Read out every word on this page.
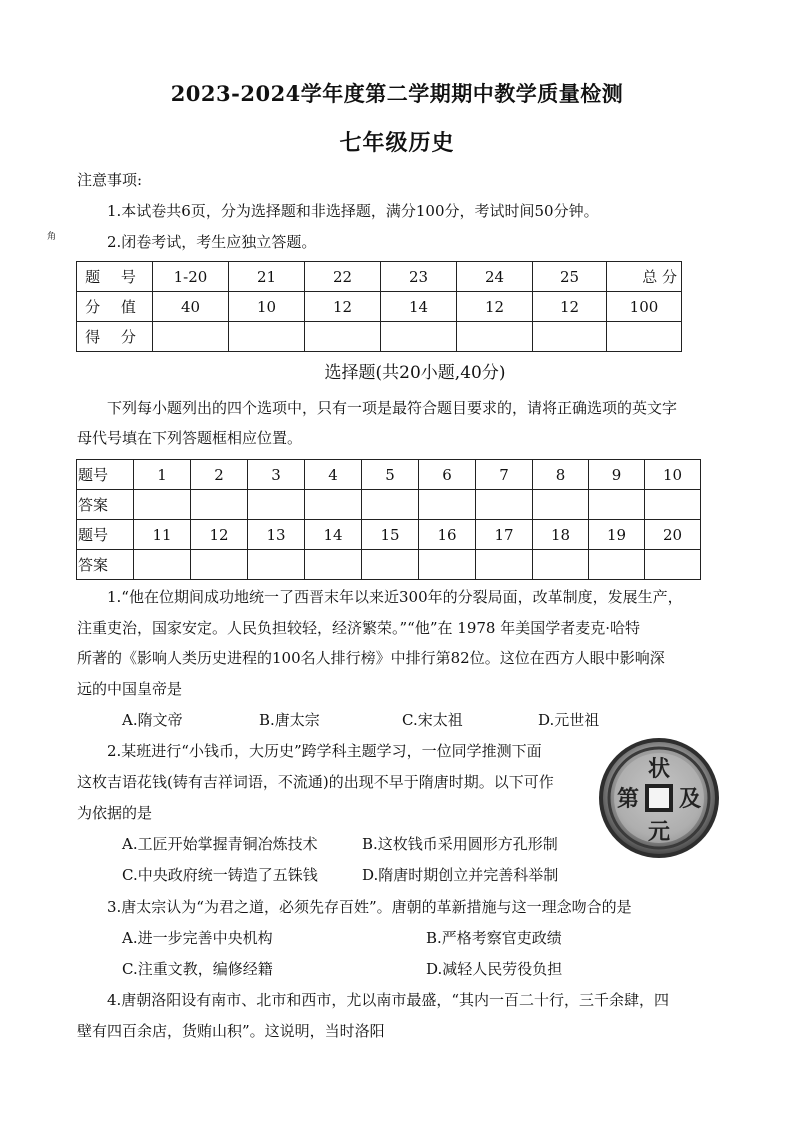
2023-2024学年度第二学期期中教学质量检测
七年级历史
注意事项:
1.本试卷共6页，分为选择题和非选择题，满分100分，考试时间50分钟。
角	2.闭卷考试，考生应独立答题。
题 号	1-20	21	22	23	24	25	总 分
分 值	40	10	12	14	12	12	100
得 分							
选择题(共20小题,40分)
下列每小题列出的四个选项中，只有一项是最符合题目要求的，请将正确选项的英文字
母代号填在下列答题框相应位置。
题号	1	2	3	4	5	6	7	8	9	10
答案										
题号	11	12	13	14	15	16	17	18	19	20
答案										
1.“他在位期间成功地统一了西晋末年以来近300年的分裂局面，改革制度，发展生产，
注重吏治，国家安定。人民负担较轻，经济繁荣。”“他”在 1978 年美国学者麦克·哈特
所著的《影响人类历史进程的100名人排行榜》中排行第82位。这位在西方人眼中影响深
远的中国皇帝是
A.隋文帝	B.唐太宗	C.宋太祖	D.元世祖
2.某班进行“小钱币，大历史”跨学科主题学习，一位同学推测下面
这枚吉语花钱(铸有吉祥词语，不流通)的出现不早于隋唐时期。以下可作
为依据的是
A.工匠开始掌握青铜冶炼技术	B.这枚钱币采用圆形方孔形制
C.中央政府统一铸造了五铢钱	D.隋唐时期创立并完善科举制
状
及
元
第
3.唐太宗认为“为君之道，必须先存百姓”。唐朝的革新措施与这一理念吻合的是
A.进一步完善中央机构	B.严格考察官吏政绩
C.注重文教，编修经籍	D.减轻人民劳役负担
4.唐朝洛阳设有南市、北市和西市，尤以南市最盛，“其内一百二十行，三千余肆，四
壁有四百余店，货贿山积”。这说明，当时洛阳
